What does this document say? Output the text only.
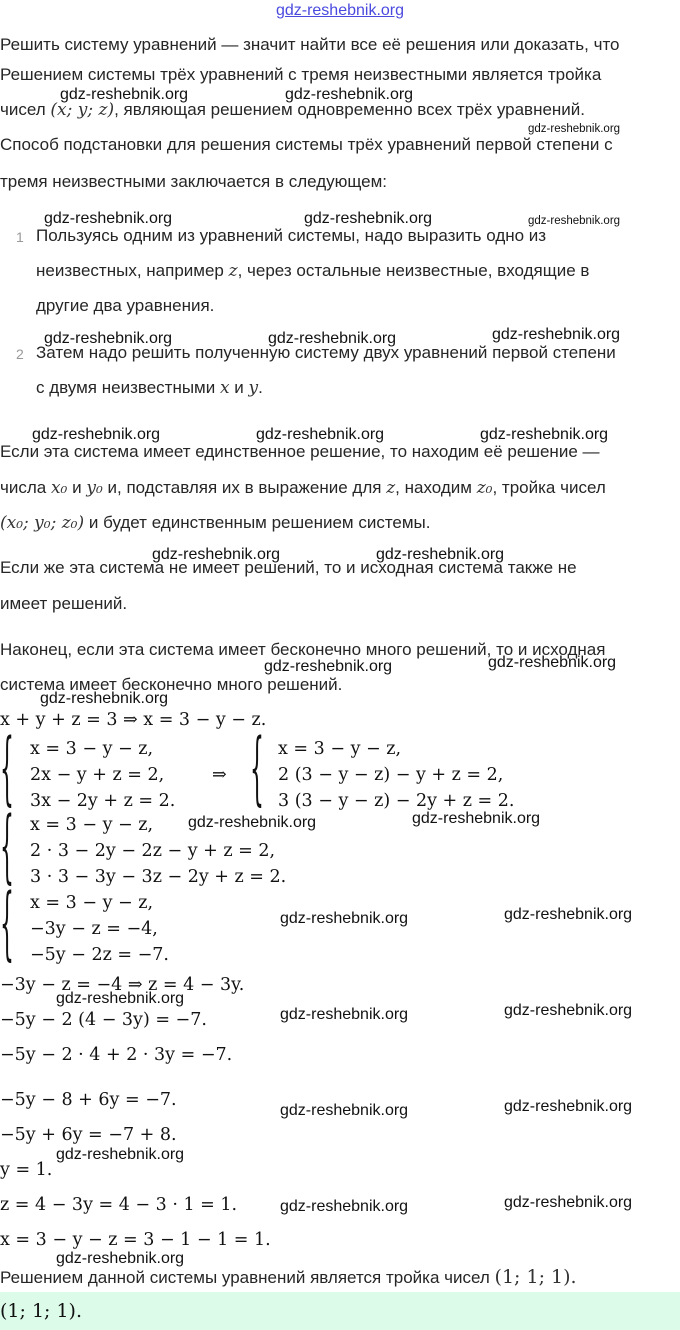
gdz-reshebnik.org
Решить систему уравнений — значит найти все её решения или доказать, что
Решением системы трёх уравнений с тремя неизвестными является тройка
чисел (x; y; z), являющая решением одновременно всех трёх уравнений.
Способ подстановки для решения системы трёх уравнений первой степени с
тремя неизвестными заключается в следующем:
1 Пользуясь одним из уравнений системы, надо выразить одно из
неизвестных, например z, через остальные неизвестные, входящие в
другие два уравнения.
2 Затем надо решить полученную систему двух уравнений первой степени
с двумя неизвестными x и y.
Если эта система имеет единственное решение, то находим её решение —
числа x₀ и y₀ и, подставляя их в выражение для z, находим z₀, тройка чисел
(x₀; y₀; z₀) и будет единственным решением системы.
Если же эта система не имеет решений, то и исходная система также не
имеет решений.
Наконец, если эта система имеет бесконечно много решений, то и исходная
система имеет бесконечно много решений.
x + y + z = 3 ⇒ x = 3 − y − z.
{ x = 3 − y − z,
2x − y + z = 2,
3x − 2y + z = 2.
⇒ { x = 3 − y − z,
2 (3 − y − z) − y + z = 2,
3 (3 − y − z) − 2y + z = 2.
{ x = 3 − y − z,
2 · 3 − 2y − 2z − y + z = 2,
3 · 3 − 3y − 3z − 2y + z = 2.
{ x = 3 − y − z,
−3y − z = −4,
−5y − 2z = −7.
−3y − z = −4 ⇒ z = 4 − 3y.
−5y − 2 (4 − 3y) = −7.
−5y − 2 · 4 + 2 · 3y = −7.
−5y − 8 + 6y = −7.
−5y + 6y = −7 + 8.
y = 1.
z = 4 − 3y = 4 − 3 · 1 = 1.
x = 3 − y − z = 3 − 1 − 1 = 1.
Решением данной системы уравнений является тройка чисел (1; 1; 1).
(1; 1; 1).
gdz-reshebnik.org	gdz-reshebnik.org
gdz-reshebnik.org
gdz-reshebnik.org	gdz-reshebnik.org	gdz-reshebnik.org
gdz-reshebnik.org	gdz-reshebnik.org	gdz-reshebnik.org
gdz-reshebnik.org	gdz-reshebnik.org	gdz-reshebnik.org
gdz-reshebnik.org	gdz-reshebnik.org
gdz-reshebnik.org	gdz-reshebnik.org
gdz-reshebnik.org
gdz-reshebnik.org	gdz-reshebnik.org
gdz-reshebnik.org	gdz-reshebnik.org
gdz-reshebnik.org
gdz-reshebnik.org	gdz-reshebnik.org
gdz-reshebnik.org	gdz-reshebnik.org
gdz-reshebnik.org
gdz-reshebnik.org	gdz-reshebnik.org
gdz-reshebnik.org
